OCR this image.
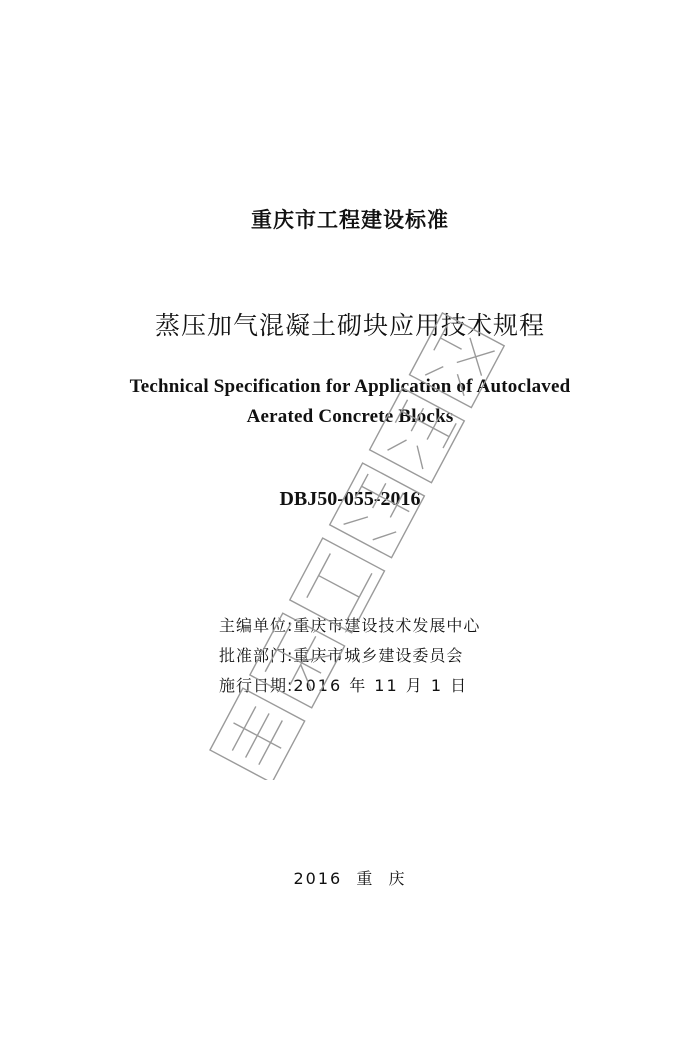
重庆市工程建设标准
蒸压加气混凝土砌块应用技术规程
Technical Specification for Application of Autoclaved
Aerated Concrete Blocks
DBJ50-055-2016
主编单位:重庆市建设技术发展中心
批准部门:重庆市城乡建设委员会
施行日期:2016 年 11 月 1 日
2016  重  庆
